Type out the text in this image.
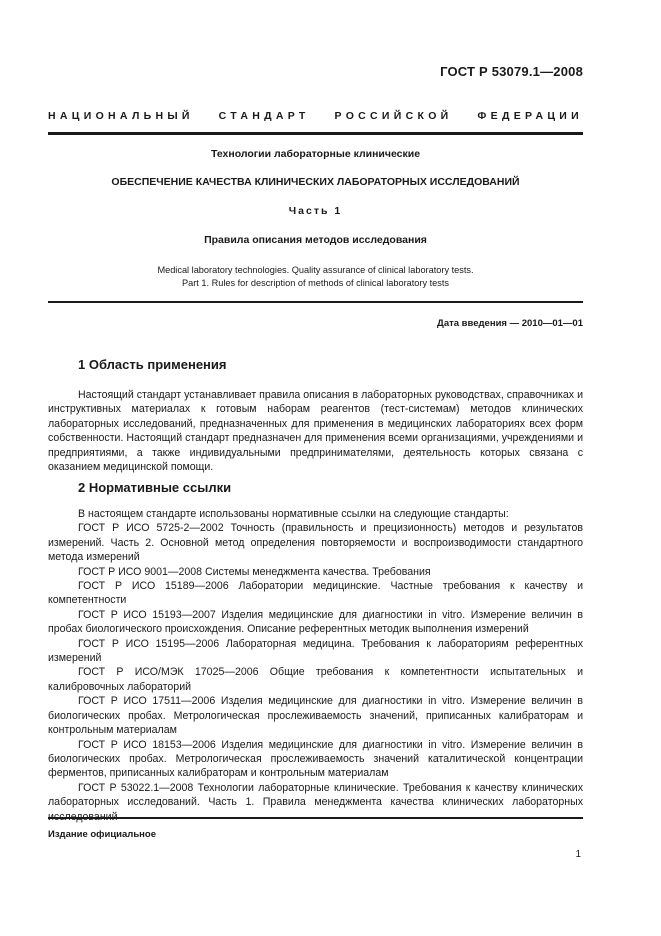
ГОСТ Р 53079.1—2008
НАЦИОНАЛЬНЫЙ СТАНДАРТ РОССИЙСКОЙ ФЕДЕРАЦИИ
Технологии лабораторные клинические
ОБЕСПЕЧЕНИЕ КАЧЕСТВА КЛИНИЧЕСКИХ ЛАБОРАТОРНЫХ ИССЛЕДОВАНИЙ
Часть 1
Правила описания методов исследования
Medical laboratory technologies. Quality assurance of clinical laboratory tests.
Part 1. Rules for description of methods of clinical laboratory tests
Дата введения — 2010—01—01
1 Область применения

Настоящий стандарт устанавливает правила описания в лабораторных руководствах, справочниках и инструктивных материалах к готовым наборам реагентов (тест-системам) методов клинических лабораторных исследований, предназначенных для применения в медицинских лабораториях всех форм собственности. Настоящий стандарт предназначен для применения всеми организациями, учреждениями и предприятиями, а также индивидуальными предпринимателями, деятельность которых связана с оказанием медицинской помощи.

2 Нормативные ссылки

В настоящем стандарте использованы нормативные ссылки на следующие стандарты:

ГОСТ Р ИСО 5725-2—2002 Точность (правильность и прецизионность) методов и результатов измерений. Часть 2. Основной метод определения повторяемости и воспроизводимости стандартного метода измерений

ГОСТ Р ИСО 9001—2008 Системы менеджмента качества. Требования

ГОСТ Р ИСО 15189—2006 Лаборатории медицинские. Частные требования к качеству и компетентности

ГОСТ Р ИСО 15193—2007 Изделия медицинские для диагностики in vitro. Измерение величин в пробах биологического происхождения. Описание референтных методик выполнения измерений

ГОСТ Р ИСО 15195—2006 Лабораторная медицина. Требования к лабораториям референтных измерений

ГОСТ Р ИСО/МЭК 17025—2006 Общие требования к компетентности испытательных и калибровочных лабораторий

ГОСТ Р ИСО 17511—2006 Изделия медицинские для диагностики in vitro. Измерение величин в биологических пробах. Метрологическая прослеживаемость значений, приписанных калибраторам и контрольным материалам

ГОСТ Р ИСО 18153—2006 Изделия медицинские для диагностики in vitro. Измерение величин в биологических пробах. Метрологическая прослеживаемость значений каталитической концентрации ферментов, приписанных калибраторам и контрольным материалам

ГОСТ Р 53022.1—2008 Технологии лабораторные клинические. Требования к качеству клинических лабораторных исследований. Часть 1. Правила менеджмента качества клинических лабораторных

Издание официальное
1
